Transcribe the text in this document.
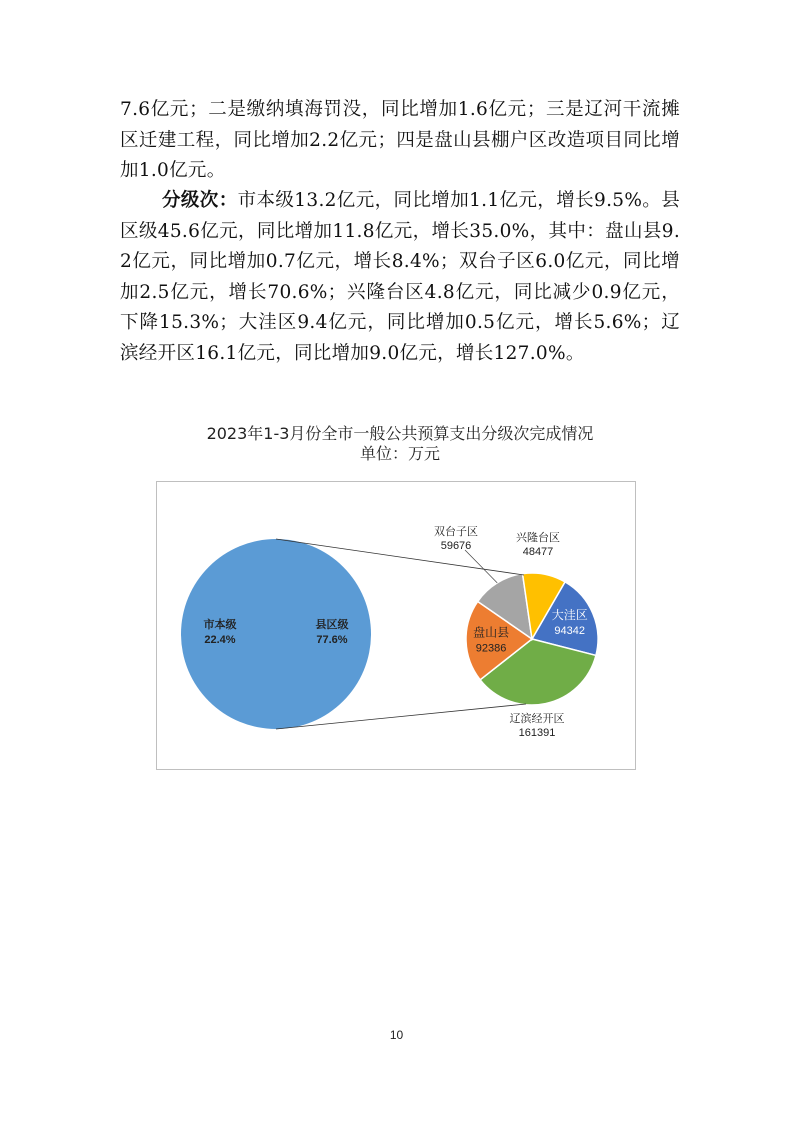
7.6亿元；二是缴纳填海罚没，同比增加1.6亿元；三是辽河干流摊区迁建工程，同比增加2.2亿元；四是盘山县棚户区改造项目同比增加1.0亿元。

分级次：市本级13.2亿元，同比增加1.1亿元，增长9.5%。县区级45.6亿元，同比增加11.8亿元，增长35.0%，其中：盘山县9.2亿元，同比增加0.7亿元，增长8.4%；双台子区6.0亿元，同比增加2.5亿元，增长70.6%；兴隆台区4.8亿元，同比减少0.9亿元，下降15.3%；大洼区9.4亿元，同比增加0.5亿元，增长5.6%；辽滨经开区16.1亿元，同比增加9.0亿元，增长127.0%。

2023年1-3月份全市一般公共预算支出分级次完成情况
单位：万元
市本级
22.4%
县区级
77.6%
大洼区
94342
盘山县
92386
辽滨经开区
161391
双台子区
59676
兴隆台区
48477
10
